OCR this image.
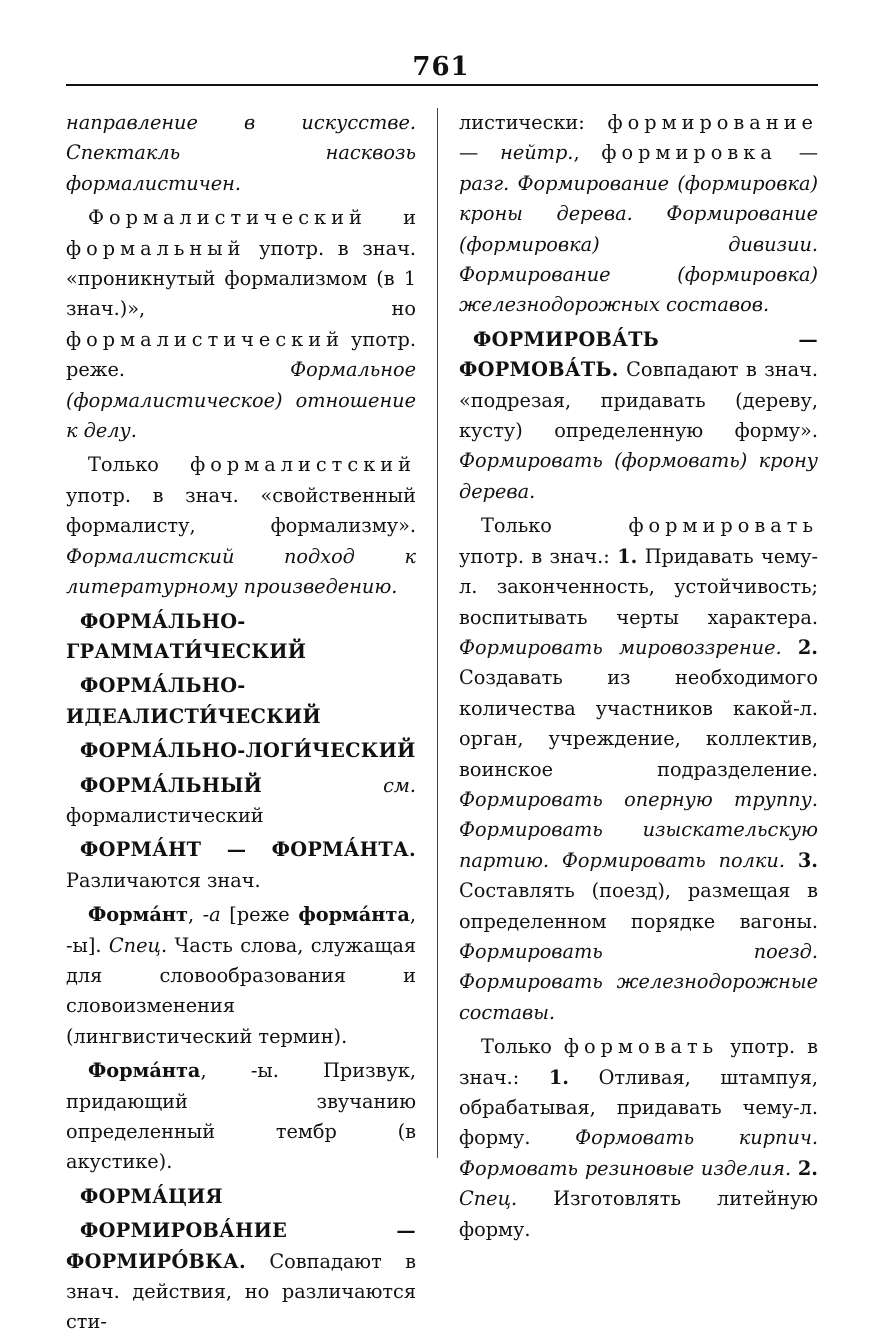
761

направление в искусстве. Спектакль насквозь формалистичен.

Формалистический и формальный употр. в знач. «проникнутый формализмом (в 1 знач.)», но формалистический употр. реже. Формальное (формалистическое) отношение к делу.

Только формалистский употр. в знач. «свойственный формалисту, формализму». Формалистский подход к литературному произведению.

ФОРМА́ЛЬНО-ГРАММАТИ́ЧЕСКИЙ

ФОРМА́ЛЬНО-ИДЕАЛИСТИ́ЧЕСКИЙ

ФОРМА́ЛЬНО-ЛОГИ́ЧЕСКИЙ

ФОРМА́ЛЬНЫЙ	см. формалистический

ФОРМА́НТ — ФОРМА́НТА. Различаются знач.

Форма́нт, -а [реже форма́нта, -ы]. Спец. Часть слова, служащая для словообразования и словоизменения (лингвистический термин).

Форма́нта, -ы. Призвук, придающий звучанию определенный тембр (в акустике).

ФОРМА́ЦИЯ

ФОРМИРОВА́НИЕ — ФОРМИРО́ВКА. Совпадают в знач. действия, но различаются сти-

листически: формирование — нейтр., формировка — разг. Формирование (формировка) кроны дерева. Формирование (формировка) дивизии. Формирование (формировка) железнодорожных составов.

ФОРМИРОВА́ТЬ — ФОРМОВА́ТЬ. Совпадают в знач. «подрезая, придавать (дереву, кусту) определенную форму». Формировать (формовать) крону дерева.

Только формировать употр. в знач.: 1. Придавать чему-л. законченность, устойчивость; воспитывать черты характера. Формировать мировоззрение. 2. Создавать из необходимого количества участников какой-л. орган, учреждение, коллектив, воинское подразделение. Формировать оперную труппу. Формировать изыскательскую партию. Формировать полки. 3. Составлять (поезд), размещая в определенном порядке вагоны. Формировать поезд. Формировать железнодорожные составы.

Только формовать употр. в знач.: 1. Отливая, штампуя, обрабатывая, придавать чему-л. форму. Формовать кирпич. Формовать резиновые изделия. 2. Спец. Изготовлять литейную форму.
